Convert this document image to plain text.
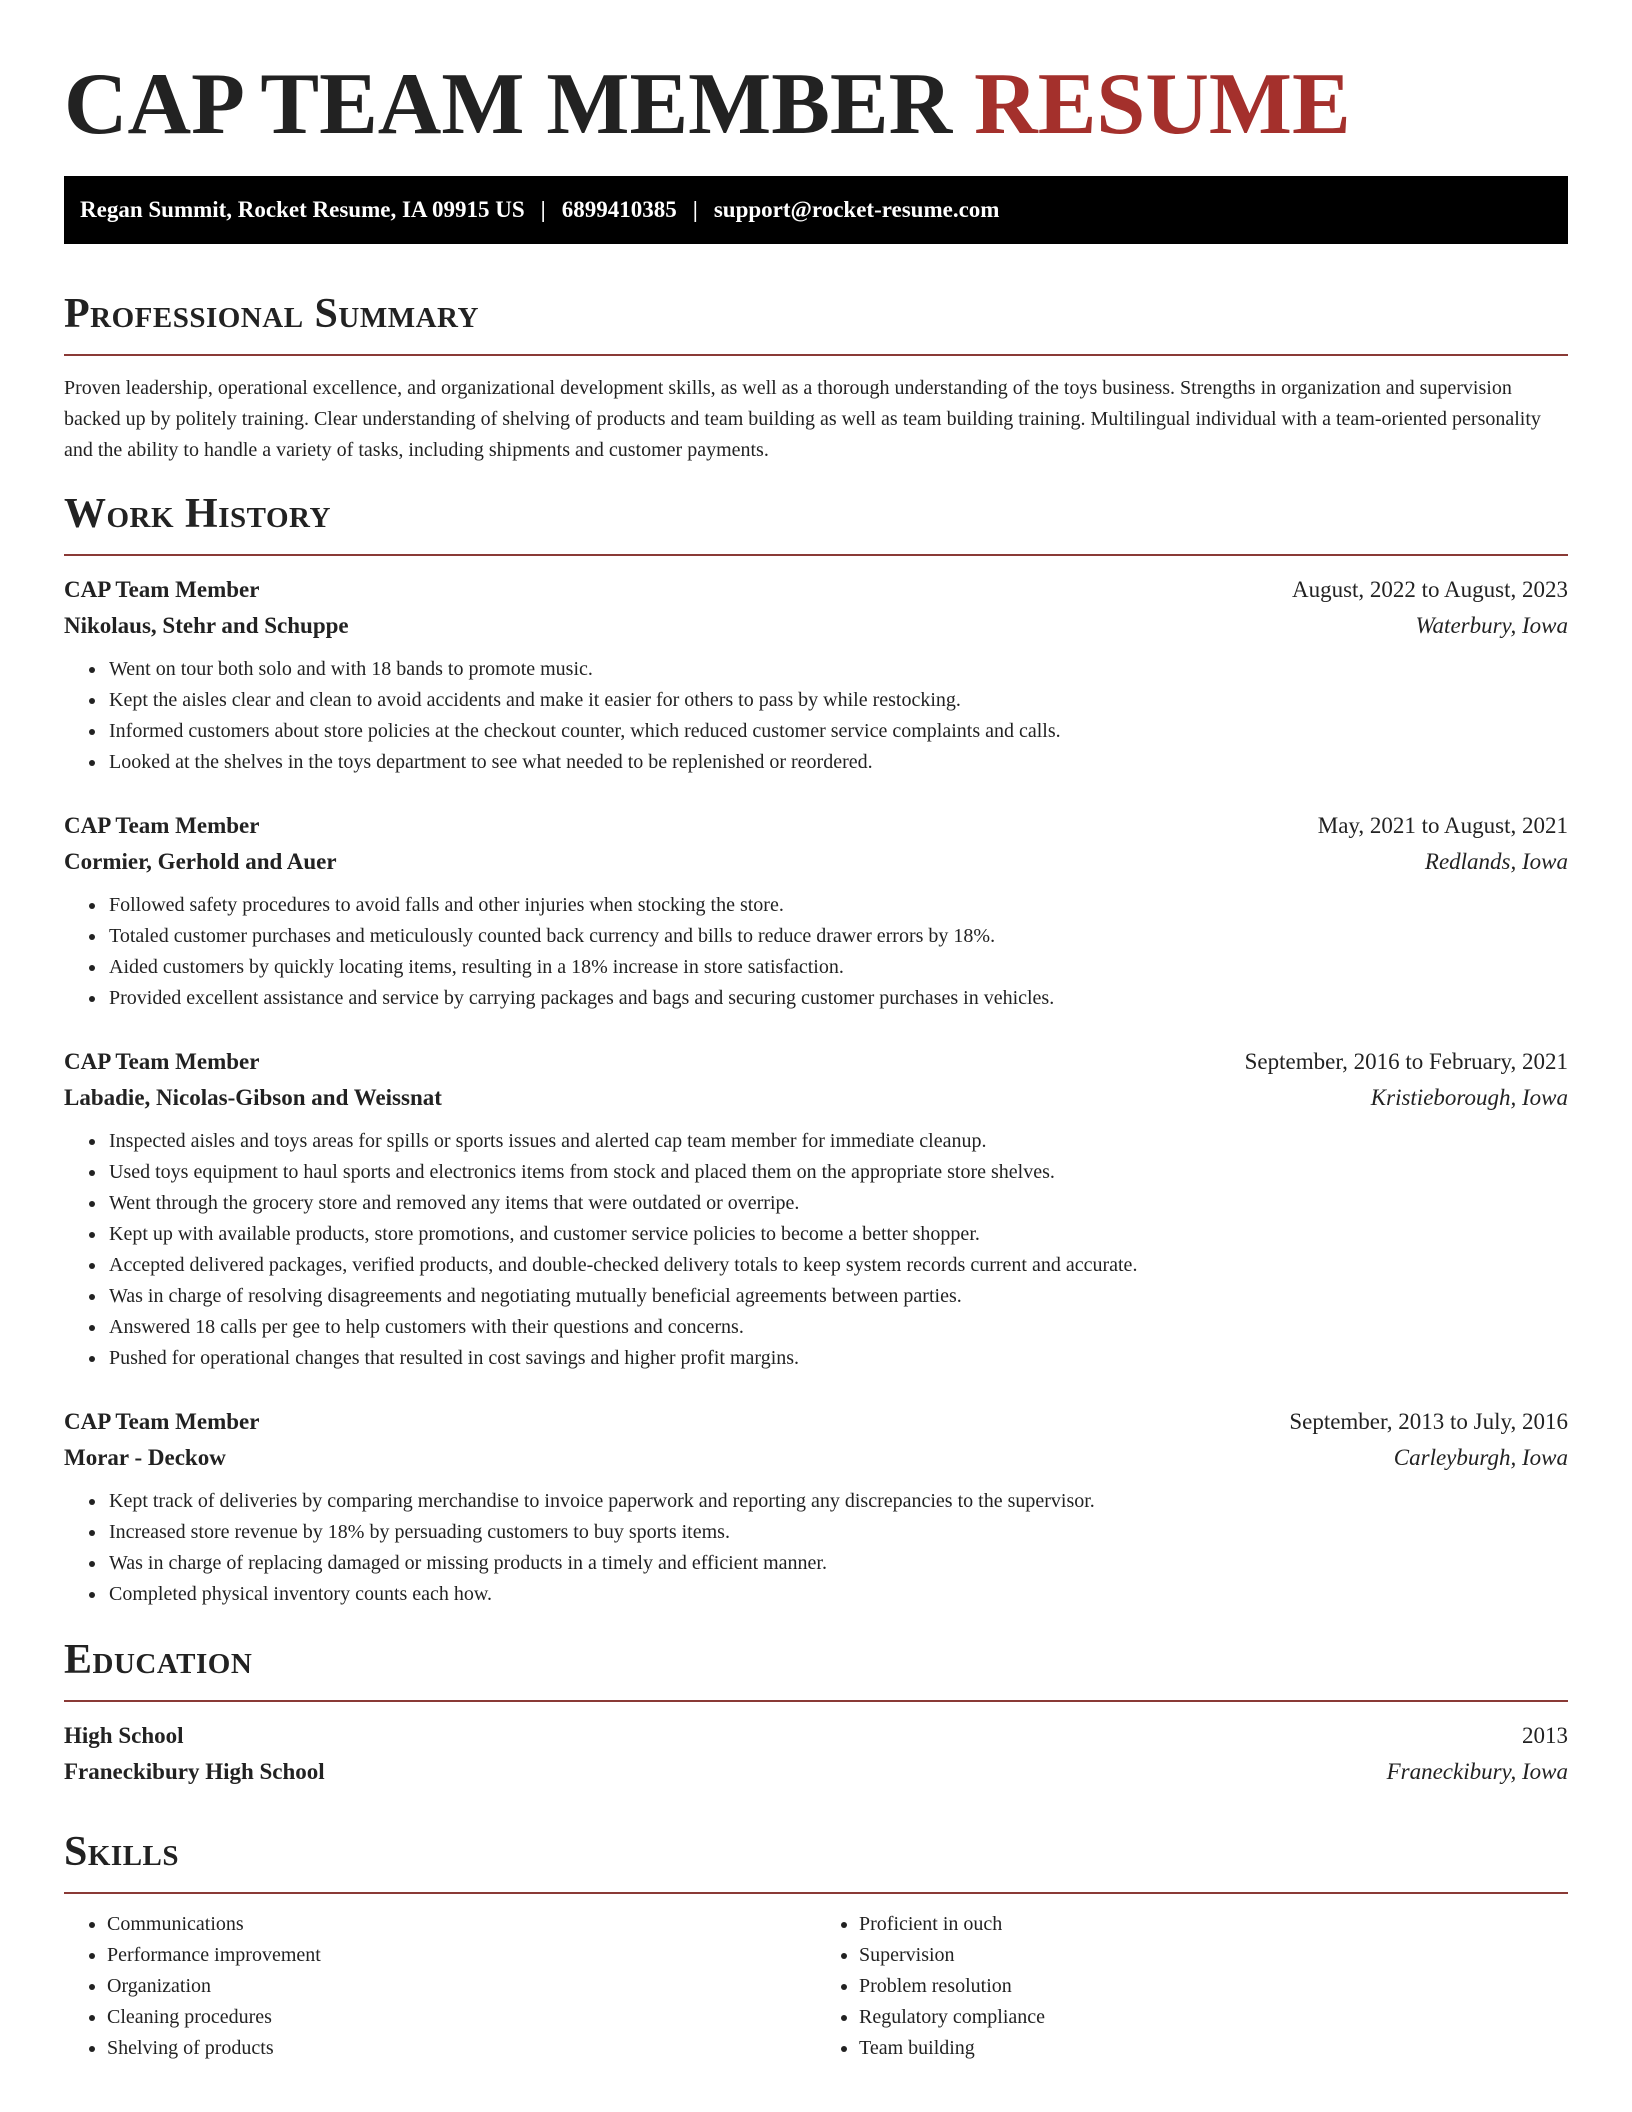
CAP TEAM MEMBER RESUME
Regan Summit, Rocket Resume, IA 09915 US | 6899410385 | support@rocket-resume.com
Professional Summary

Proven leadership, operational excellence, and organizational development skills, as well as a thorough understanding of the toys business. Strengths in organization and supervision backed up by politely training. Clear understanding of shelving of products and team building as well as team building training. Multilingual individual with a team-oriented personality and the ability to handle a variety of tasks, including shipments and customer payments.

Work History
CAP Team Member	August, 2022 to August, 2023
Nikolaus, Stehr and Schuppe	Waterbury, Iowa
• Went on tour both solo and with 18 bands to promote music.
• Kept the aisles clear and clean to avoid accidents and make it easier for others to pass by while restocking.
• Informed customers about store policies at the checkout counter, which reduced customer service complaints and calls.
• Looked at the shelves in the toys department to see what needed to be replenished or reordered.
CAP Team Member	May, 2021 to August, 2021
Cormier, Gerhold and Auer	Redlands, Iowa
• Followed safety procedures to avoid falls and other injuries when stocking the store.
• Totaled customer purchases and meticulously counted back currency and bills to reduce drawer errors by 18%.
• Aided customers by quickly locating items, resulting in a 18% increase in store satisfaction.
• Provided excellent assistance and service by carrying packages and bags and securing customer purchases in vehicles.
CAP Team Member	September, 2016 to February, 2021
Labadie, Nicolas-Gibson and Weissnat	Kristieborough, Iowa
• Inspected aisles and toys areas for spills or sports issues and alerted cap team member for immediate cleanup.
• Used toys equipment to haul sports and electronics items from stock and placed them on the appropriate store shelves.
• Went through the grocery store and removed any items that were outdated or overripe.
• Kept up with available products, store promotions, and customer service policies to become a better shopper.
• Accepted delivered packages, verified products, and double-checked delivery totals to keep system records current and accurate.
• Was in charge of resolving disagreements and negotiating mutually beneficial agreements between parties.
• Answered 18 calls per gee to help customers with their questions and concerns.
• Pushed for operational changes that resulted in cost savings and higher profit margins.
CAP Team Member	September, 2013 to July, 2016
Morar - Deckow	Carleyburgh, Iowa
• Kept track of deliveries by comparing merchandise to invoice paperwork and reporting any discrepancies to the supervisor.
• Increased store revenue by 18% by persuading customers to buy sports items.
• Was in charge of replacing damaged or missing products in a timely and efficient manner.
• Completed physical inventory counts each how.
Education
High School	2013
Franeckibury High School	Franeckibury, Iowa
Skills
• Communications
• Performance improvement
• Organization
• Cleaning procedures
• Shelving of products
• Proficient in ouch
• Supervision
• Problem resolution
• Regulatory compliance
• Team building
